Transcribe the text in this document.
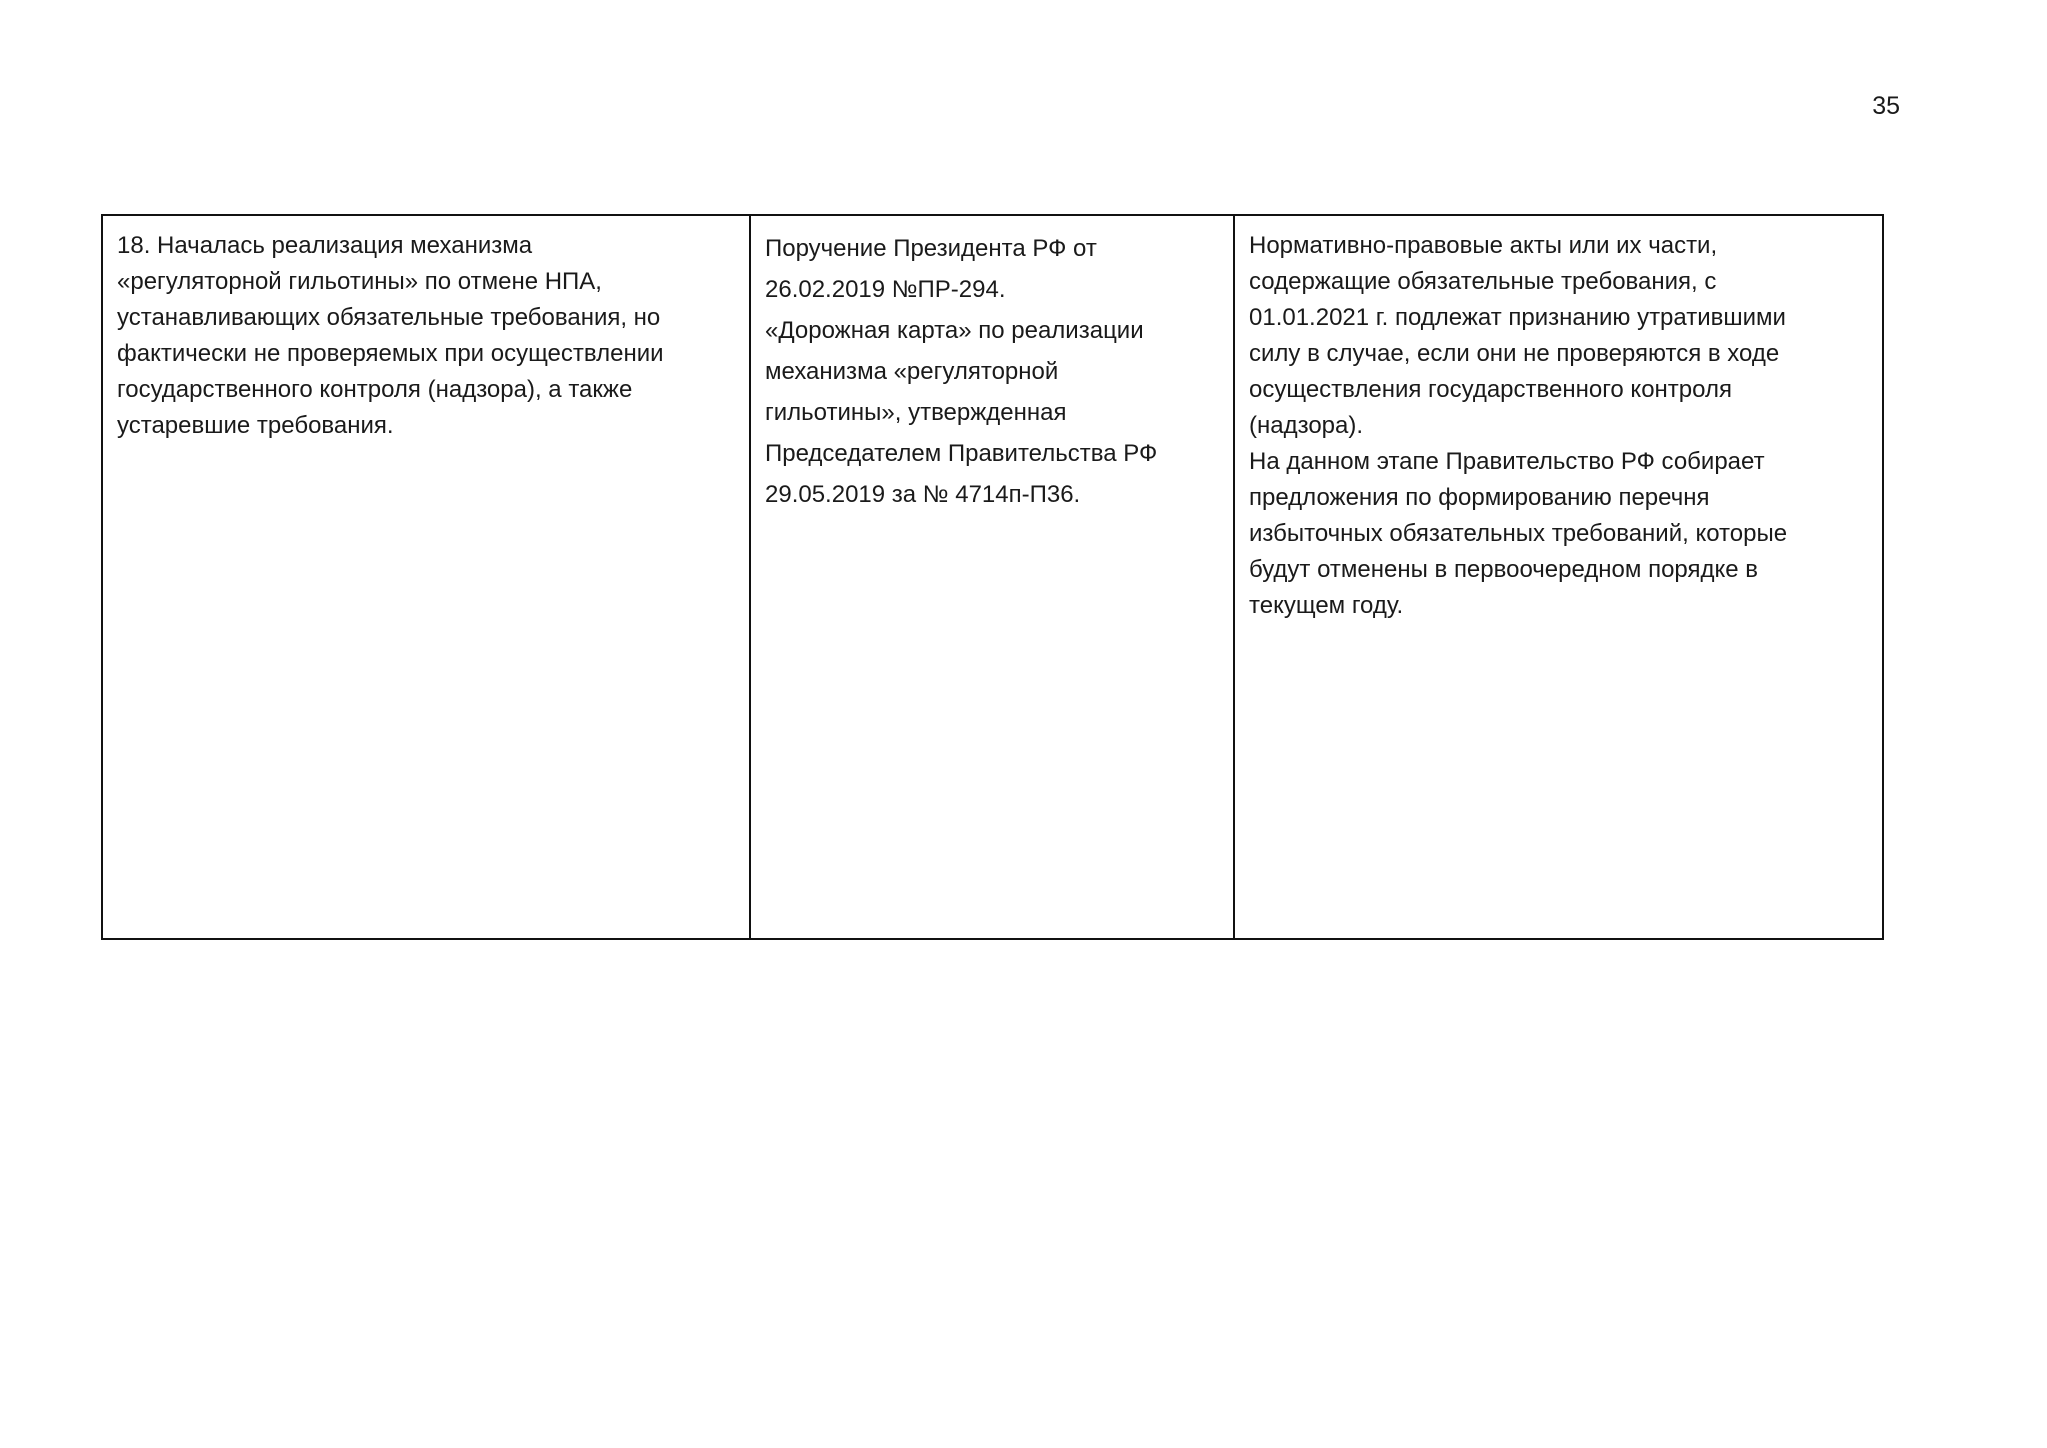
35
18. Началась реализация механизма
«регуляторной гильотины» по отмене НПА,
устанавливающих обязательные требования, но
фактически не проверяемых при осуществлении
государственного контроля (надзора), а также
устаревшие требования.
Поручение Президента РФ от
26.02.2019 №ПР-294.
«Дорожная карта» по реализации
механизма «регуляторной
гильотины», утвержденная
Председателем Правительства РФ
29.05.2019 за № 4714п-П36.
Нормативно-правовые акты или их части,
содержащие обязательные требования, с
01.01.2021 г. подлежат признанию утратившими
силу в случае, если они не проверяются в ходе
осуществления государственного контроля
(надзора).
На данном этапе Правительство РФ собирает
предложения по формированию перечня
избыточных обязательных требований, которые
будут отменены в первоочередном порядке в
текущем году.
